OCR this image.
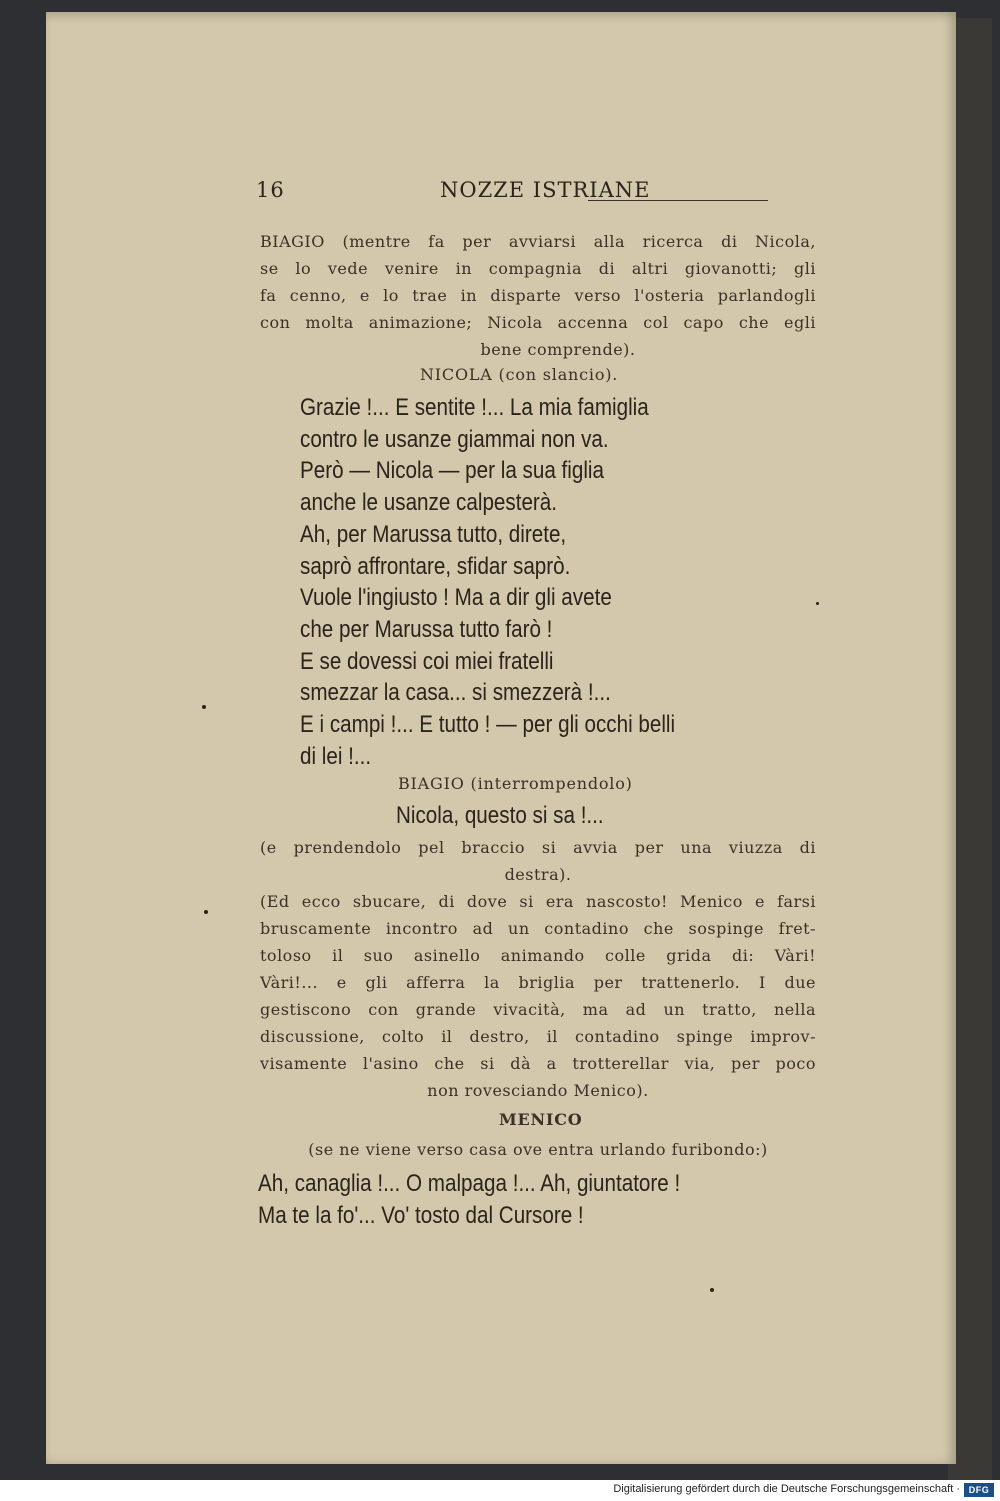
16	NOZZE ISTRIANE
BIAGIO (mentre fa per avviarsi alla ricerca di Nicola,
se lo vede venire in compagnia di altri giovanotti; gli
fa cenno, e lo trae in disparte verso l'osteria parlandogli
con molta animazione; Nicola accenna col capo che egli
bene comprende).
NICOLA (con slancio).
Grazie !... E sentite !... La mia famiglia
contro le usanze giammai non va.
Però — Nicola — per la sua figlia
anche le usanze calpesterà.
Ah, per Marussa tutto, direte,
saprò affrontare, sfidar saprò.
Vuole l'ingiusto ! Ma a dir gli avete
che per Marussa tutto farò !
E se dovessi coi miei fratelli
smezzar la casa... si smezzerà !...
E i campi !... E tutto ! — per gli occhi belli
di lei !...
BIAGIO (interrompendolo)
Nicola, questo si sa !...
(e prendendolo pel braccio si avvia per una viuzza di
destra).
(Ed ecco sbucare, di dove si era nascosto! Menico e farsi
bruscamente incontro ad un contadino che sospinge fret-
toloso il suo asinello animando colle grida di: Vàri!
Vàri!... e gli afferra la briglia per trattenerlo. I due
gestiscono con grande vivacità, ma ad un tratto, nella
discussione, colto il destro, il contadino spinge improv-
visamente l'asino che si dà a trotterellar via, per poco
non rovesciando Menico).
MENICO
(se ne viene verso casa ove entra urlando furibondo:)
Ah, canaglia !... O malpaga !... Ah, giuntatore !
Ma te la fo'... Vo' tosto dal Cursore !
Digitalisierung gefördert durch die Deutsche Forschungsgemeinschaft · DFG
